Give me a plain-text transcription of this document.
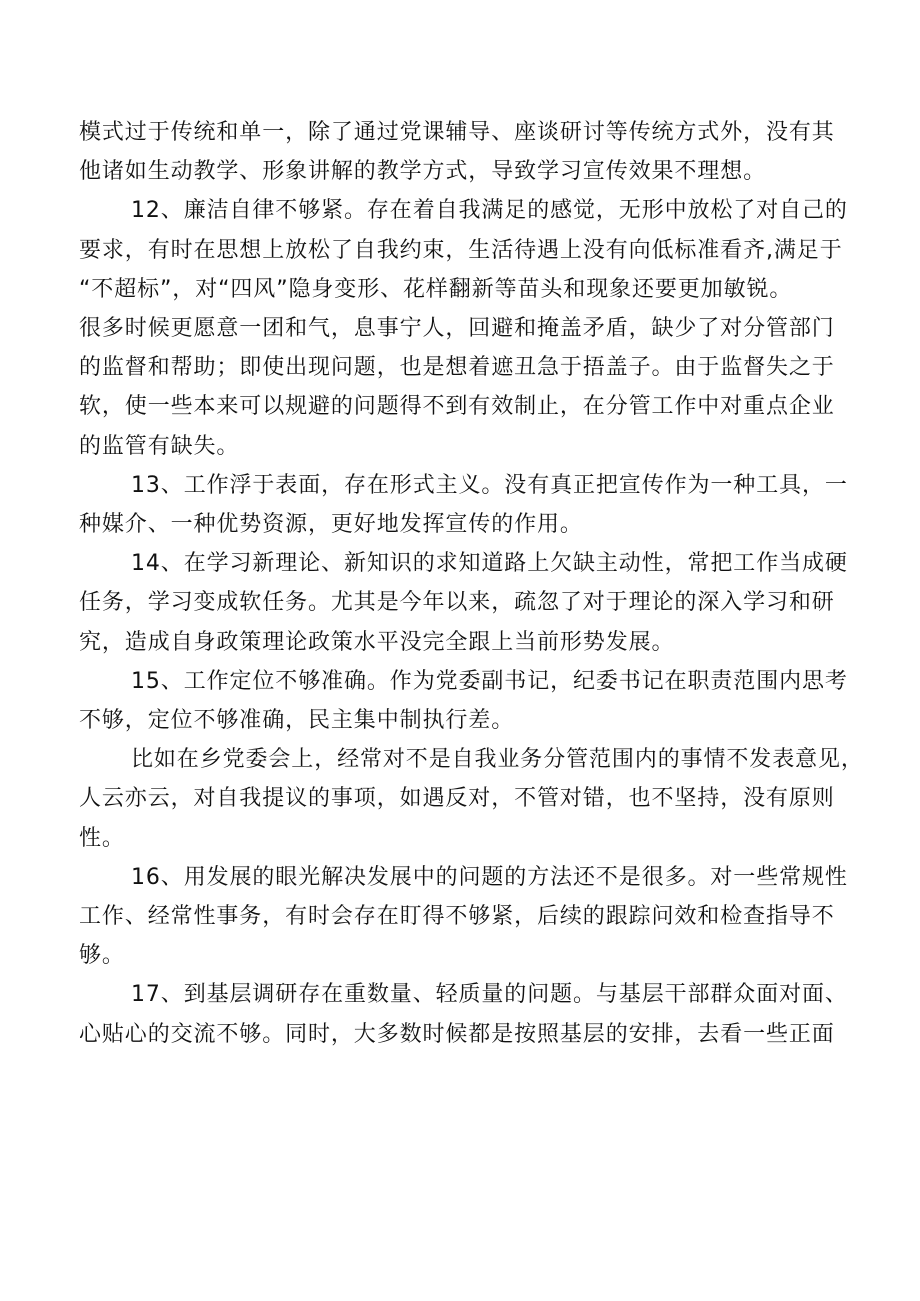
模式过于传统和单一，除了通过党课辅导、座谈研讨等传统方式外，没有其
他诸如生动教学、形象讲解的教学方式，导致学习宣传效果不理想。

12、廉洁自律不够紧。存在着自我满足的感觉，无形中放松了对自己的
要求，有时在思想上放松了自我约束，生活待遇上没有向低标准看齐,满足于
“不超标”，对“四风”隐身变形、花样翻新等苗头和现象还要更加敏锐。
很多时候更愿意一团和气，息事宁人，回避和掩盖矛盾，缺少了对分管部门
的监督和帮助；即使出现问题，也是想着遮丑急于捂盖子。由于监督失之于
软，使一些本来可以规避的问题得不到有效制止，在分管工作中对重点企业
的监管有缺失。

13、工作浮于表面，存在形式主义。没有真正把宣传作为一种工具，一
种媒介、一种优势资源，更好地发挥宣传的作用。

14、在学习新理论、新知识的求知道路上欠缺主动性，常把工作当成硬
任务，学习变成软任务。尤其是今年以来，疏忽了对于理论的深入学习和研
究，造成自身政策理论政策水平没完全跟上当前形势发展。

15、工作定位不够准确。作为党委副书记，纪委书记在职责范围内思考
不够，定位不够准确，民主集中制执行差。

比如在乡党委会上，经常对不是自我业务分管范围内的事情不发表意见，
人云亦云，对自我提议的事项，如遇反对，不管对错，也不坚持，没有原则
性。

16、用发展的眼光解决发展中的问题的方法还不是很多。对一些常规性
工作、经常性事务，有时会存在盯得不够紧，后续的跟踪问效和检查指导不
够。

17、到基层调研存在重数量、轻质量的问题。与基层干部群众面对面、
心贴心的交流不够。同时，大多数时候都是按照基层的安排，去看一些正面
